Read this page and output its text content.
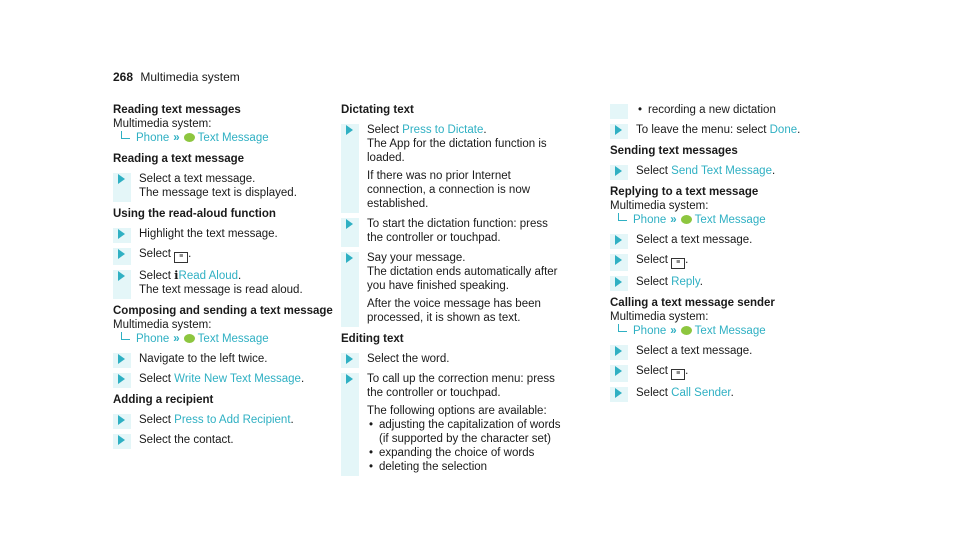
268 Multimedia system
Reading text messages
Multimedia system:
Phone » Text Message
Reading a text message
Select a text message.
The message text is displayed.
Using the read-aloud function
Highlight the text message.
Select ≡ .
Select ℹRead Aloud.
The text message is read aloud.
Composing and sending a text message
Multimedia system:
Phone » Text Message
Navigate to the left twice.
Select Write New Text Message.
Adding a recipient
Select Press to Add Recipient.
Select the contact.
Dictating text
Select Press to Dictate.
The App for the dictation function is loaded.
If there was no prior Internet connection, a connection is now established.
To start the dictation function: press the controller or touchpad.
Say your message.
The dictation ends automatically after you have finished speaking.
After the voice message has been processed, it is shown as text.
Editing text
Select the word.
To call up the correction menu: press the controller or touchpad.
The following options are available:
• adjusting the capitalization of words (if supported by the character set)
• expanding the choice of words
• deleting the selection
• recording a new dictation
To leave the menu: select Done.
Sending text messages
Select Send Text Message.
Replying to a text message
Multimedia system:
Phone » Text Message
Select a text message.
Select ≡ .
Select Reply.
Calling a text message sender
Multimedia system:
Phone » Text Message
Select a text message.
Select ≡ .
Select Call Sender.
